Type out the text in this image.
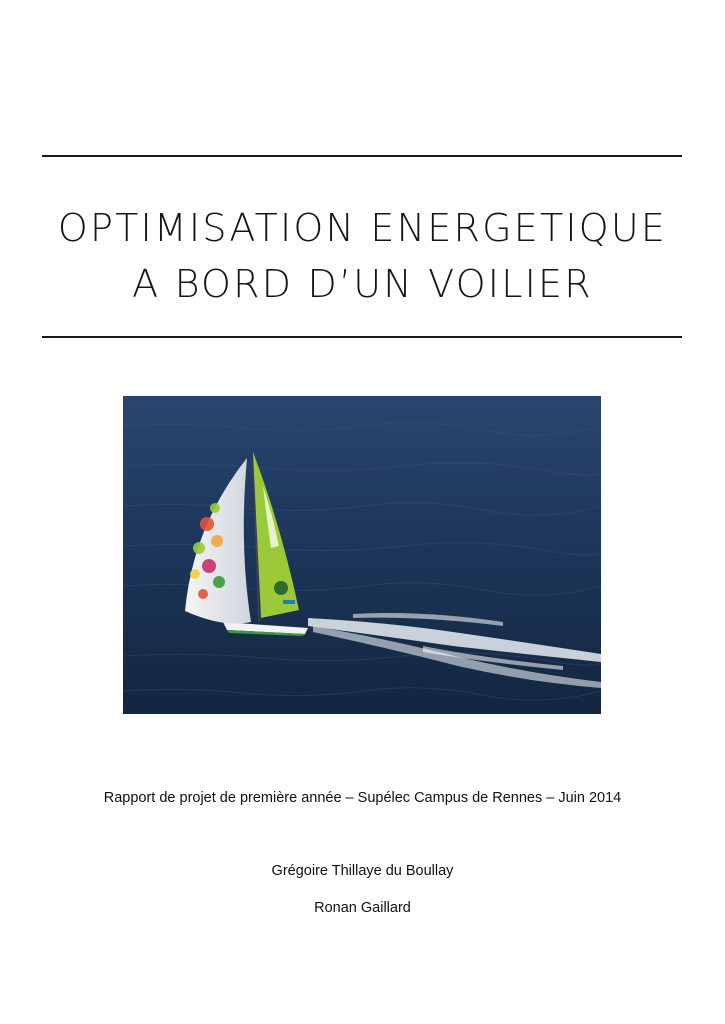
OPTIMISATION ENERGETIQUE
A BORD D’UN VOILIER
Rapport de projet de première année – Supélec Campus de Rennes – Juin 2014
Grégoire Thillaye du Boullay
Ronan Gaillard
